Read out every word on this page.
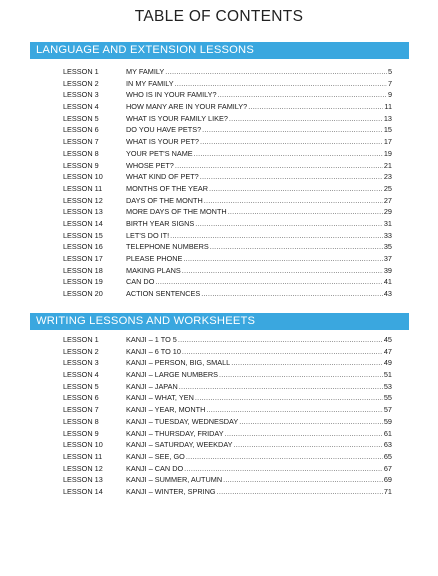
TABLE OF CONTENTS
LANGUAGE AND EXTENSION LESSONS
LESSON 1	MY FAMILY .....	5
LESSON 2	IN MY FAMILY .....	7
LESSON 3	WHO IS IN YOUR FAMILY? .....	9
LESSON 4	HOW MANY ARE IN YOUR FAMILY? .....	11
LESSON 5	WHAT IS YOUR FAMILY LIKE? .....	13
LESSON 6	DO YOU HAVE PETS? .....	15
LESSON 7	WHAT IS YOUR PET? .....	17
LESSON 8	YOUR PET'S NAME .....	19
LESSON 9	WHOSE PET? .....	21
LESSON 10	WHAT KIND OF PET? .....	23
LESSON 11	MONTHS OF THE YEAR .....	25
LESSON 12	DAYS OF THE MONTH .....	27
LESSON 13	MORE DAYS OF THE MONTH .....	29
LESSON 14	BIRTH YEAR SIGNS .....	31
LESSON 15	LET'S DO IT! .....	33
LESSON 16	TELEPHONE NUMBERS .....	35
LESSON 17	PLEASE PHONE .....	37
LESSON 18	MAKING PLANS .....	39
LESSON 19	CAN DO .....	41
LESSON 20	ACTION SENTENCES .....	43
WRITING LESSONS AND WORKSHEETS
LESSON 1	KANJI – 1 TO 5 .....	45
LESSON 2	KANJI – 6 TO 10 .....	47
LESSON 3	KANJI – PERSON, BIG, SMALL .....	49
LESSON 4	KANJI – LARGE NUMBERS .....	51
LESSON 5	KANJI – JAPAN .....	53
LESSON 6	KANJI – WHAT, YEN .....	55
LESSON 7	KANJI – YEAR, MONTH .....	57
LESSON 8	KANJI – TUESDAY, WEDNESDAY .....	59
LESSON 9	KANJI – THURSDAY, FRIDAY .....	61
LESSON 10	KANJI – SATURDAY, WEEKDAY .....	63
LESSON 11	KANJI – SEE, GO .....	65
LESSON 12	KANJI – CAN DO .....	67
LESSON 13	KANJI – SUMMER, AUTUMN .....	69
LESSON 14	KANJI – WINTER, SPRING .....	71
